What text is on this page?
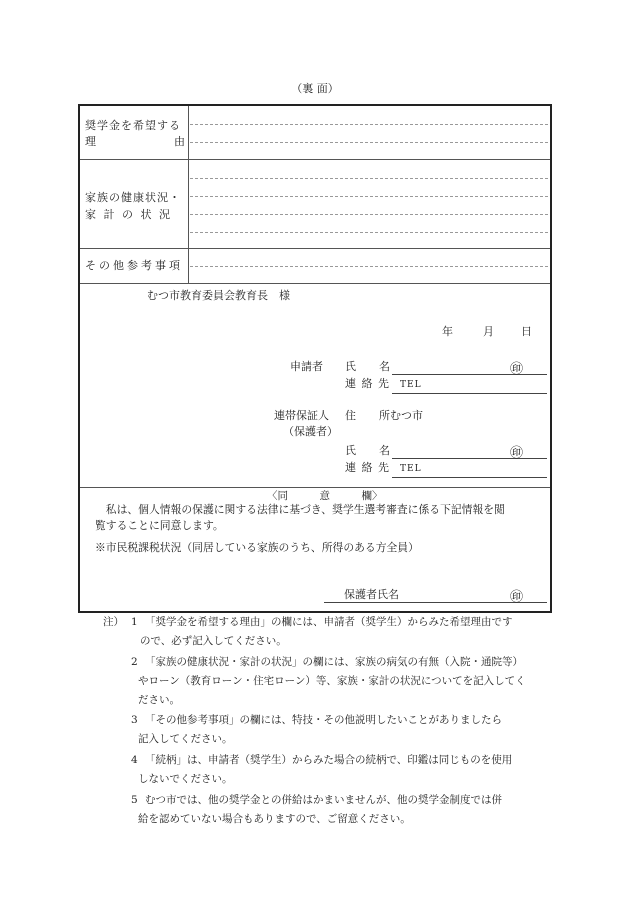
（裏 面）
奨学金を希望する
理	由
家族の健康状況・
家 計 の 状 況
その他参考事項
むつ市教育委員会教育長　様
年	月 日
申請者 氏 名	㊞
連 絡 先 TEL
連帯保証人
（保護者）
住 所むつ市
氏 名	㊞
連 絡 先 TEL
〈同　　　意　　　欄〉
　私は、個人情報の保護に関する法律に基づき、奨学生選考審査に係る下記情報を閲
覧することに同意します。
※市民税課税状況（同居している家族のうち、所得のある方全員）
保護者氏名	㊞
注） 1 「奨学金を希望する理由」の欄には、申請者（奨学生）からみた希望理由です
ので、必ず記入してください。
2 「家族の健康状況・家計の状況」の欄には、家族の病気の有無（入院・通院等）
やローン（教育ローン・住宅ローン）等、家族・家計の状況についてを記入してく
ださい。
3 「その他参考事項」の欄には、特技・その他説明したいことがありましたら
記入してください。
4 「続柄」は、申請者（奨学生）からみた場合の続柄で、印鑑は同じものを使用
しないでください。
5 むつ市では、他の奨学金との併給はかまいませんが、他の奨学金制度では併
給を認めていない場合もありますので、ご留意ください。
